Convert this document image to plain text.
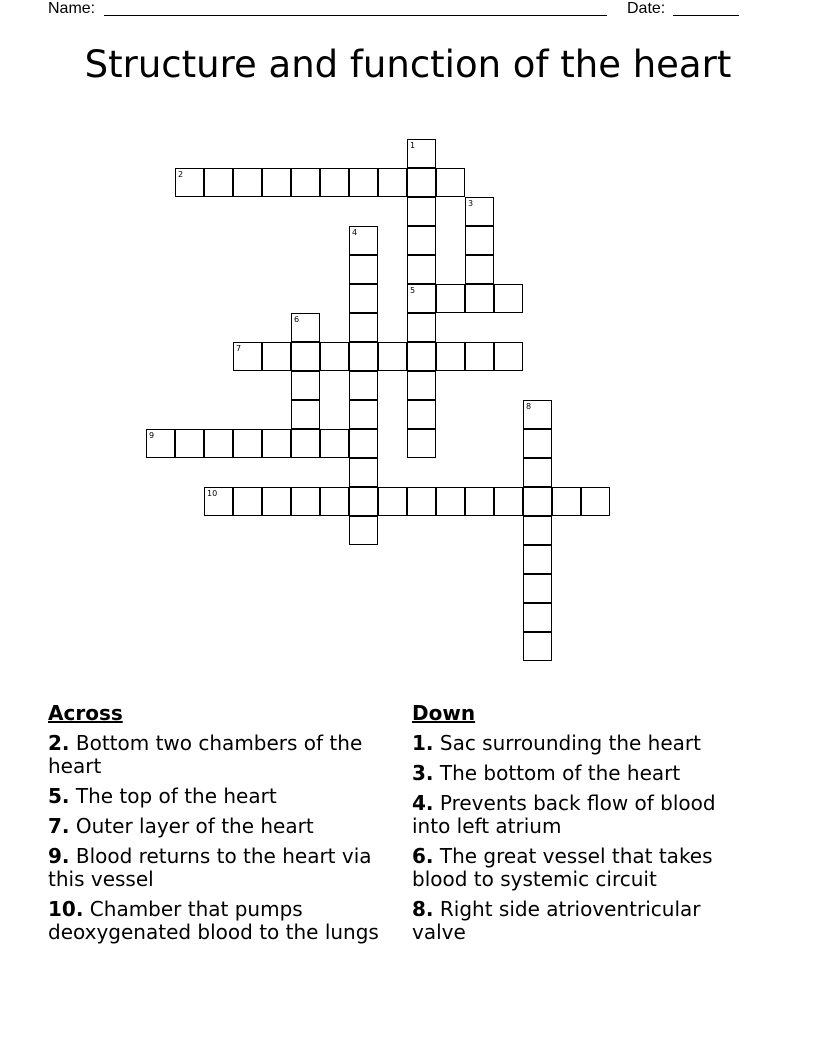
Name:	Date:
Structure and function of the heart
1
5
2
3
4
6
7
8
9
10
Across
2. Bottom two chambers of the heart
5. The top of the heart
7. Outer layer of the heart
9. Blood returns to the heart via this vessel
10. Chamber that pumps deoxygenated blood to the lungs
Down
1. Sac surrounding the heart
3. The bottom of the heart
4. Prevents back flow of blood into left atrium
6. The great vessel that takes blood to systemic circuit
8. Right side atrioventricular valve
